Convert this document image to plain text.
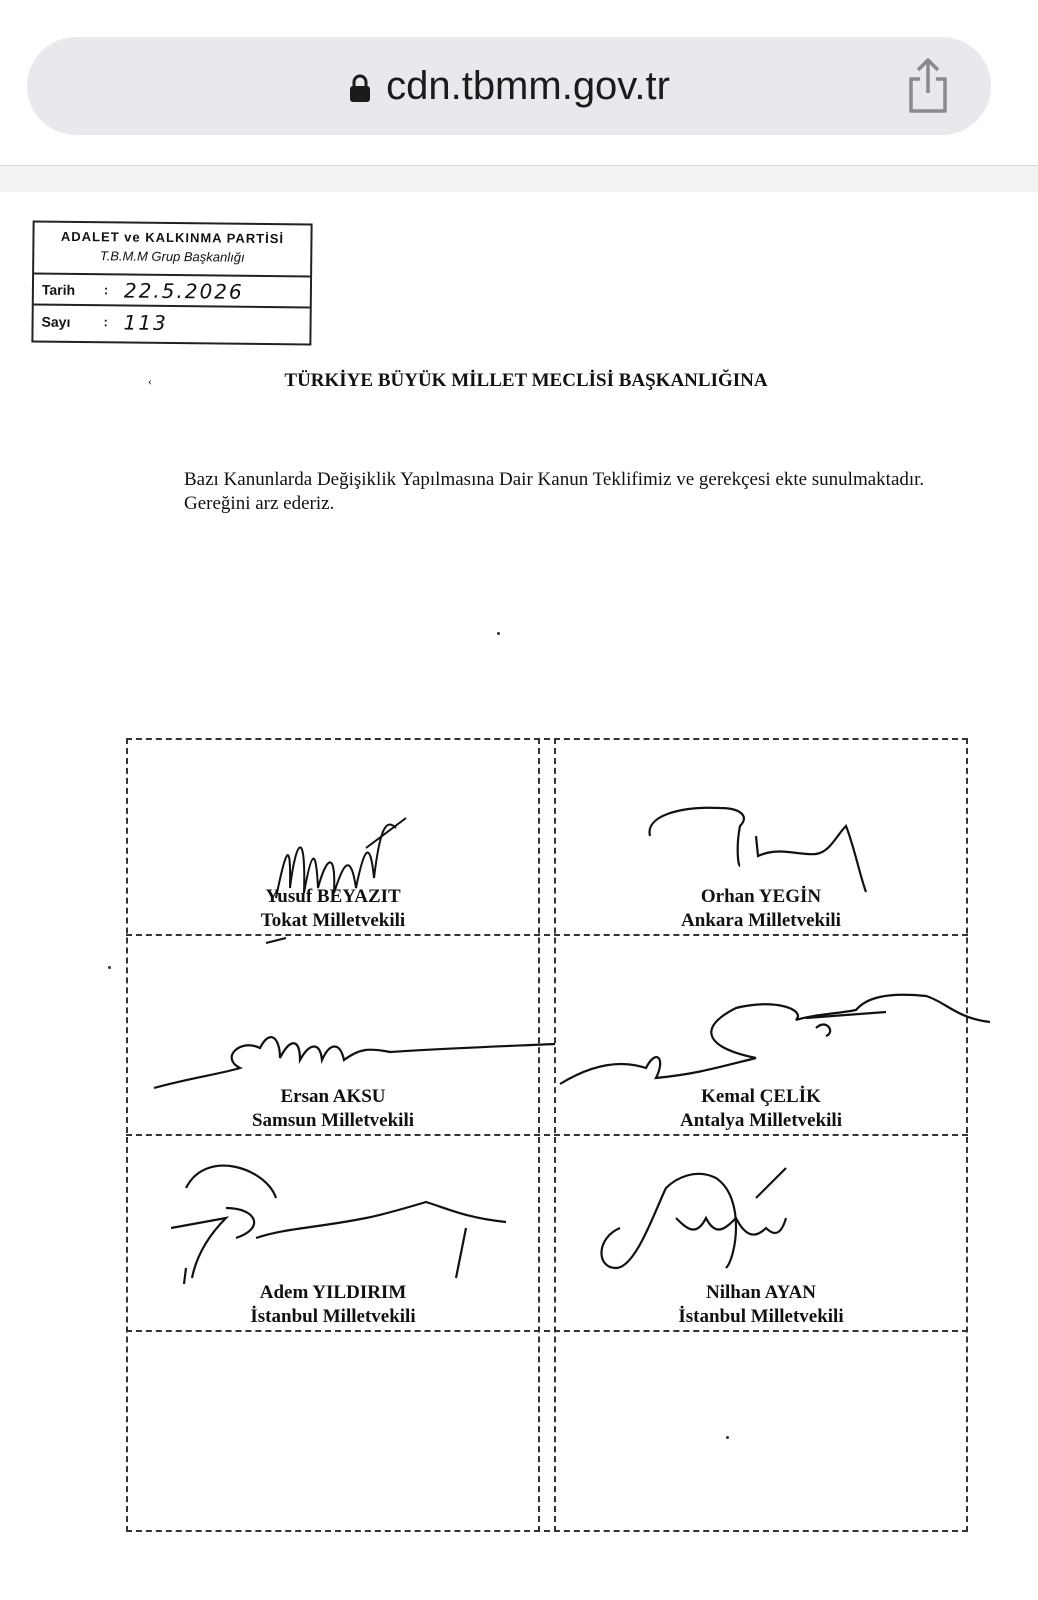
cdn.tbmm.gov.tr
ADALET ve KALKINMA PARTİSİ
T.B.M.M Grup Başkanlığı
Tarih	: 22.5.2026
Sayı	: 113
‹	TÜRKİYE BÜYÜK MİLLET MECLİSİ BAŞKANLIĞINA

Bazı Kanunlarda Değişiklik Yapılmasına Dair Kanun Teklifimiz ve gerekçesi ekte sunulmaktadır.

Gereğini arz ederiz.

Yusuf BEYAZIT
Tokat Milletvekili
Orhan YEGİN
Ankara Milletvekili
Ersan AKSU
Samsun Milletvekili
Kemal ÇELİK
Antalya Milletvekili
Adem YILDIRIM
İstanbul Milletvekili
Nilhan AYAN
İstanbul Milletvekili
